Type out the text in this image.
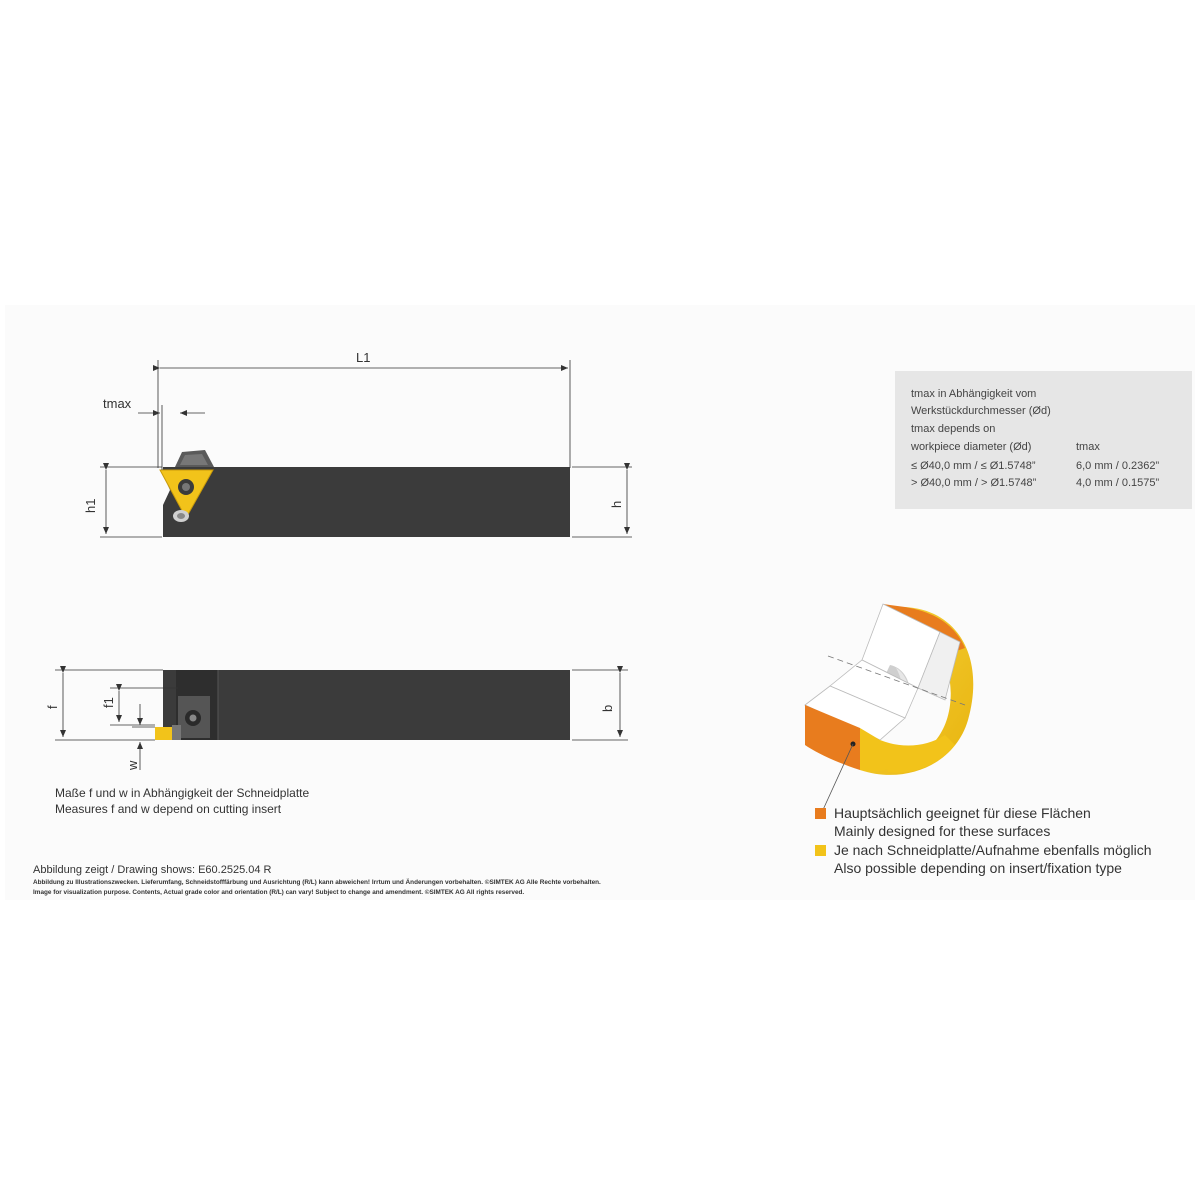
L1
tmax
h1	h
f	f1
w
b
tmax in Abhängigkeit vom
Werkstückdurchmesser (Ød)
tmax depends on
workpiece diameter (Ød)	tmax
≤ Ø40,0 mm / ≤ Ø1.5748”	6,0 mm / 0.2362”
> Ø40,0 mm / > Ø1.5748”	4,0 mm / 0.1575”
Maße f und w in Abhängigkeit der Schneidplatte
Measures f and w depend on cutting insert	Hauptsächlich geeignet für diese Flächen
Mainly designed for these surfaces
Je nach Schneidplatte/Aufnahme ebenfalls möglich
Also possible depending on insert/fixation type
Abbildung zeigt / Drawing shows: E60.2525.04 R
Abbildung zu Illustrationszwecken. Lieferumfang, Schneidstofffärbung und Ausrichtung (R/L) kann abweichen! Irrtum und Änderungen vorbehalten. ©SIMTEK AG Alle Rechte vorbehalten.
Image for visualization purpose. Contents, Actual grade color and orientation (R/L) can vary! Subject to change and amendment. ©SIMTEK AG All rights reserved.
